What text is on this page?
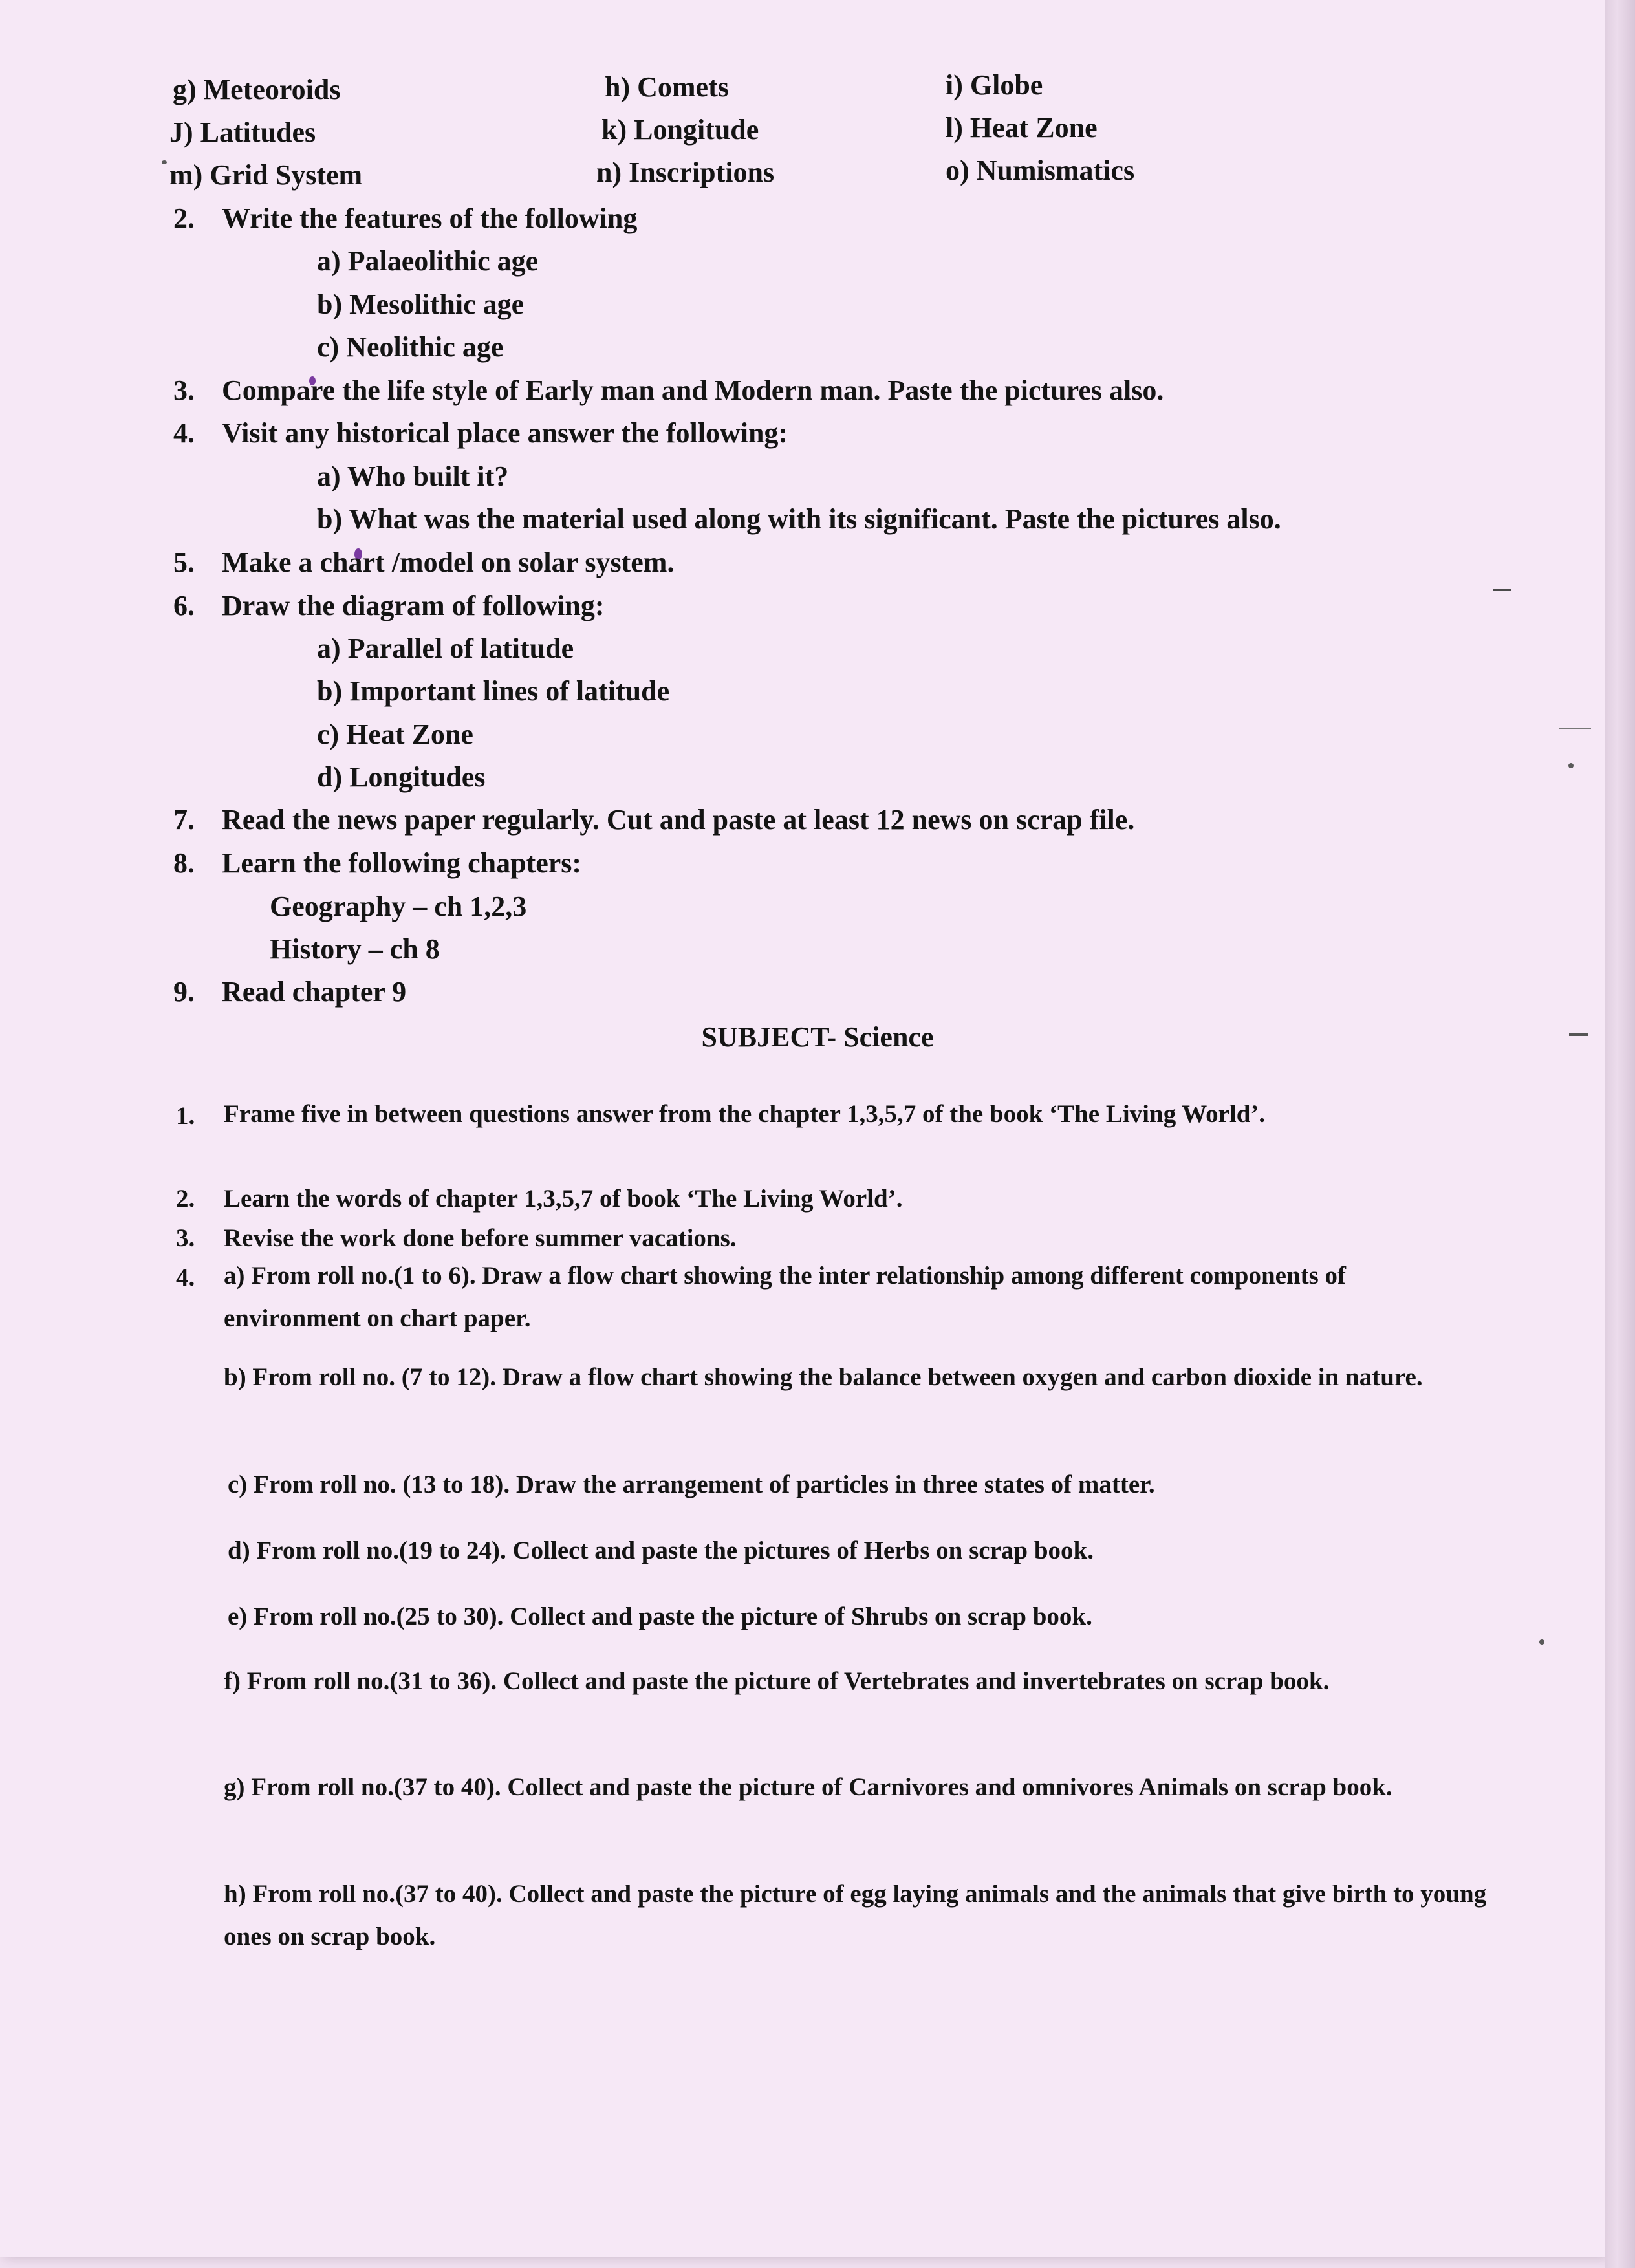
g) Meteoroids	h) Comets	i) Globe
J) Latitudes	k) Longitude	l) Heat Zone
m) Grid System	n) Inscriptions	o) Numismatics
2. Write the features of the following
a) Palaeolithic age
b) Mesolithic age
c) Neolithic age
3. Compare the life style of Early man and Modern man. Paste the pictures also.
4. Visit any historical place answer the following:
a) Who built it?
b) What was the material used along with its significant. Paste the pictures also.
5. Make a chart /model on solar system.
6. Draw the diagram of following:
a) Parallel of latitude
b) Important lines of latitude
c) Heat Zone
d) Longitudes
7. Read the news paper regularly. Cut and paste at least 12 news on scrap file.
8. Learn the following chapters:
Geography – ch 1,2,3
History – ch 8
9. Read chapter 9
SUBJECT- Science
1. Frame five in between questions answer from the chapter 1,3,5,7 of the book ‘The Living World’.
2. Learn the words of chapter 1,3,5,7 of book ‘The Living World’.
3. Revise the work done before summer vacations.
4. a) From roll no.(1 to 6). Draw a flow chart showing the inter relationship among different components of environment on chart paper.
b) From roll no. (7 to 12). Draw a flow chart showing the balance between oxygen and carbon dioxide in nature.
c) From roll no. (13 to 18). Draw the arrangement of particles in three states of matter.
d) From roll no.(19 to 24). Collect and paste the pictures of Herbs on scrap book.
e) From roll no.(25 to 30). Collect and paste the picture of Shrubs on scrap book.
f) From roll no.(31 to 36). Collect and paste the picture of Vertebrates and invertebrates on scrap book.
g) From roll no.(37 to 40). Collect and paste the picture of Carnivores and omnivores Animals on scrap book.
h) From roll no.(37 to 40). Collect and paste the picture of egg laying animals and the animals that give birth to young ones on scrap book.
